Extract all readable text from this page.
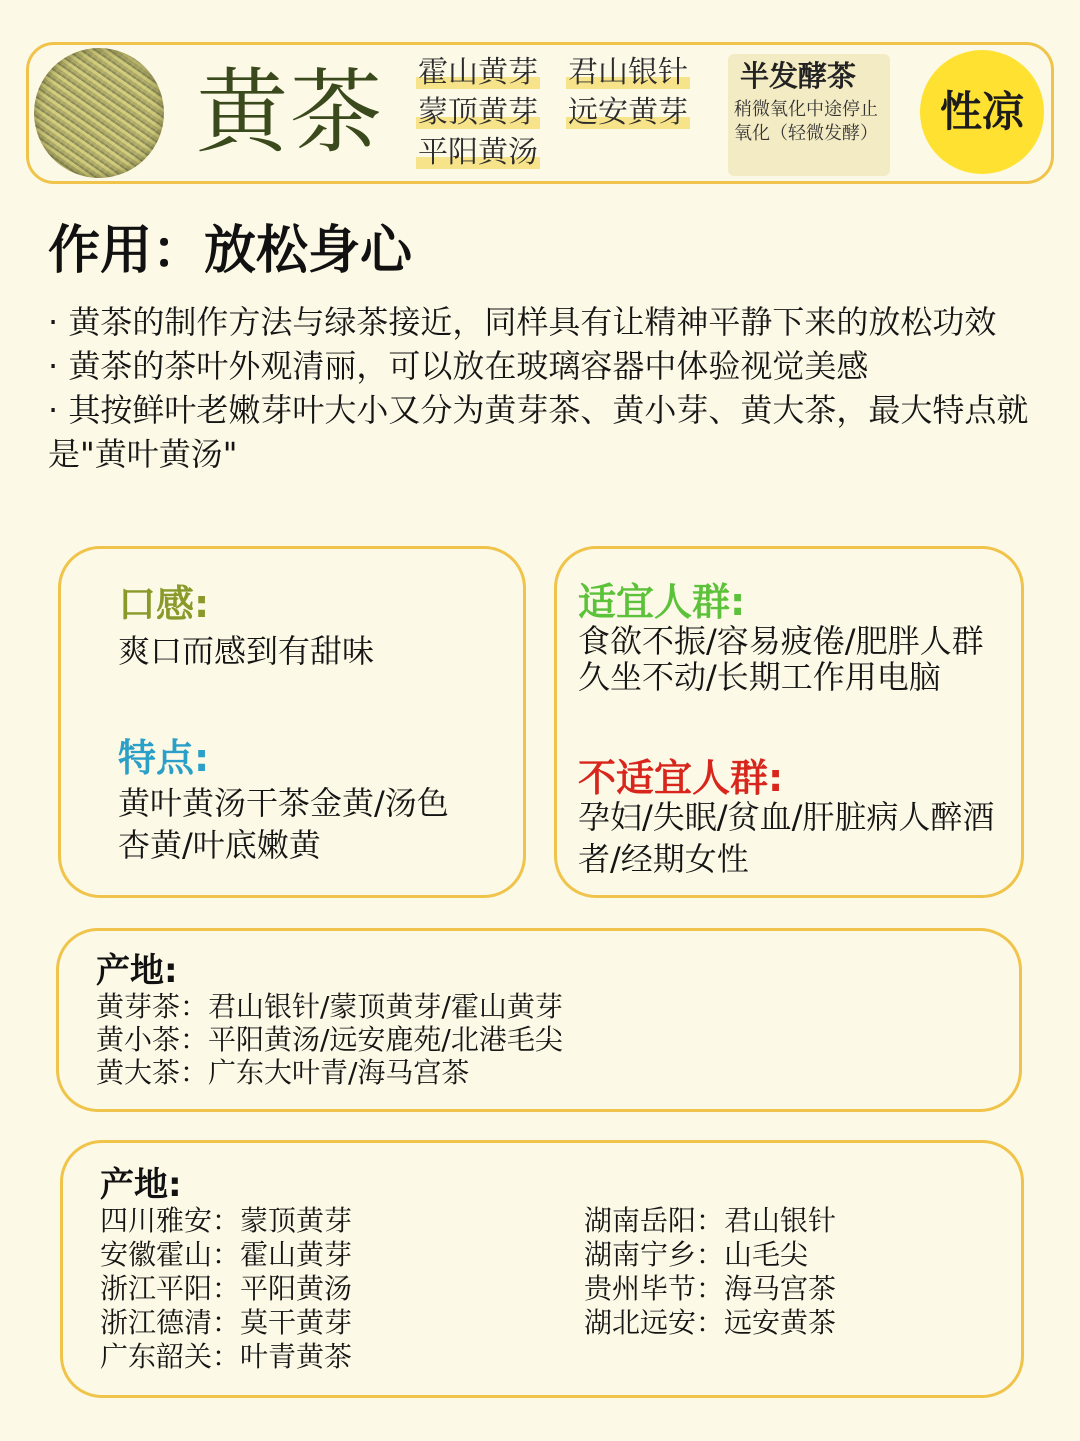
黄茶	霍山黄芽 君山银针
蒙顶黄芽 远安黄芽
平阳黄汤
半发酵茶
稍微氧化中途停止氧化（轻微发酵）	性凉
作用：放松身心

· 黄茶的制作方法与绿茶接近，同样具有让精神平静下来的放松功效

· 黄茶的茶叶外观清丽，可以放在玻璃容器中体验视觉美感

· 其按鲜叶老嫩芽叶大小又分为黄芽茶、黄小芽、黄大茶，最大特点就是"黄叶黄汤"

口感:
爽口而感到有甜味
特点:
黄叶黄汤干茶金黄/汤色杏黄/叶底嫩黄
适宜人群:
食欲不振/容易疲倦/肥胖人群
久坐不动/长期工作用电脑
不适宜人群:
孕妇/失眠/贫血/肝脏病人醉酒者/经期女性
产地:
黄芽茶：君山银针/蒙顶黄芽/霍山黄芽
黄小茶：平阳黄汤/远安鹿苑/北港毛尖
黄大茶：广东大叶青/海马宫茶
产地:
四川雅安：蒙顶黄芽
安徽霍山：霍山黄芽
浙江平阳：平阳黄汤
浙江德清：莫干黄芽
广东韶关：叶青黄茶
湖南岳阳：君山银针
湖南宁乡：山毛尖
贵州毕节：海马宫茶
湖北远安：远安黄茶
